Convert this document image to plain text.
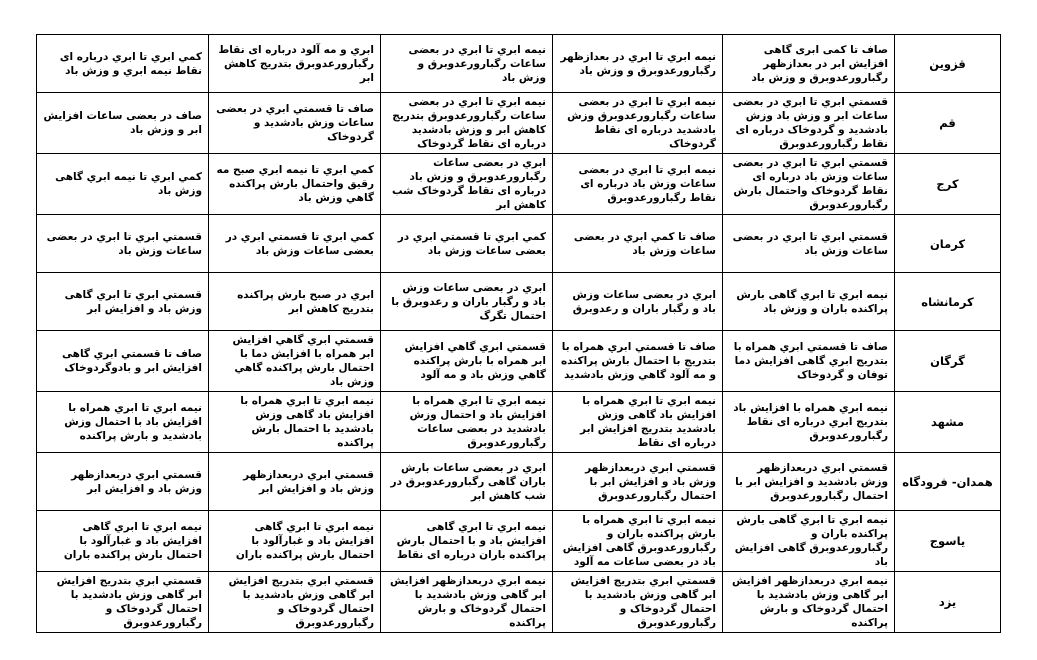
قزوین	صاف تا کمی ابری گاهی افزایش ابر در بعدازظهر رگبارورعدوبرق و وزش باد	نیمه ابري تا ابري در بعدازظهر رگبارورعدوبرق و وزش باد	نیمه ابري تا ابري در بعضی ساعات رگبارورعدوبرق و وزش باد	ابري و مه آلود درباره ای نقاط رگبارورعدوبرق بتدریج کاهش ابر	کمي ابري تا ابري درباره ای نقاط نیمه ابري و وزش باد

قم	قسمتي ابري تا ابري در بعضی ساعات ابر و وزش باد وزش بادشدید و گردوخاک درباره ای نقاط رگبارورعدوبرق	نیمه ابري تا ابري در بعضی ساعات رگبارورعدوبرق وزش بادشدید درباره ای نقاط گردوخاک	نیمه ابري تا ابري در بعضی ساعات رگبارورعدوبرق بتدریج کاهش ابر و وزش بادشدید درباره ای نقاط گردوخاک	صاف تا قسمتي ابري در بعضی ساعات وزش بادشدید و گردوخاک	صاف در بعضی ساعات افزایش ابر و وزش باد

کرج	قسمتي ابري تا ابري در بعضی ساعات وزش باد درباره ای نقاط گردوخاک واحتمال بارش رگبارورعدوبرق	نیمه ابري تا ابري در بعضی ساعات وزش باد درباره ای نقاط رگبارورعدوبرق	ابري در بعضی ساعات رگبارورعدوبرق و وزش باد درباره ای نقاط گردوخاک شب کاهش ابر	کمي ابري تا نیمه ابري صبح مه رقیق واحتمال بارش پراکنده گاهي وزش باد	کمي ابري تا نیمه ابري گاهی وزش باد

کرمان	قسمتي ابري تا ابري در بعضی ساعات وزش باد	صاف تا کمي ابري در بعضی ساعات وزش باد	کمي ابري تا قسمتي ابري در بعضی ساعات وزش باد	کمي ابري تا قسمتي ابري در بعضی ساعات وزش باد	قسمتي ابري تا ابري در بعضی ساعات وزش باد

کرمانشاه	نیمه ابري تا ابري گاهی بارش پراکنده باران و وزش باد	ابري در بعضی ساعات وزش باد و رگبار باران و رعدوبرق	ابري در بعضی ساعات وزش باد و رگبار باران و رعدوبرق با احتمال تگرگ	ابري در صبح بارش پراکنده بتدریج کاهش ابر	قسمتي ابري تا ابري گاهی وزش باد و افزایش ابر

گرگان	صاف تا قسمتي ابري همراه با بتدریج ابري گاهی افزایش دما توفان و گردوخاک	صاف تا قسمتي ابري همراه با بتدریج با احتمال بارش پراکنده و مه آلود گاهي وزش بادشدید	قسمتي ابري گاهي افزايش ابر همراه با بارش پراکنده گاهي وزش باد و مه آلود	قسمتي ابري گاهي افزايش ابر همراه با افزایش دما با احتمال بارش پراکنده گاهي وزش باد	صاف تا قسمتي ابري گاهی افزایش ابر و بادوگردوخاک

مشهد	نیمه ابري همراه با افزایش باد بتدریج ابري درباره ای نقاط رگبارورعدوبرق	نیمه ابري تا ابري همراه با افزایش باد گاهی وزش بادشدید بتدریج افزایش ابر درباره ای نقاط	نیمه ابري تا ابري همراه با افزایش باد و احتمال وزش بادشدید در بعضی ساعات رگبارورعدوبرق	نیمه ابري تا ابري همراه با افزایش باد گاهی وزش بادشدید با احتمال بارش پراکنده	نیمه ابري تا ابري همراه با افزایش باد با احتمال وزش بادشدید و بارش پراکنده

همدان- فرودگاه	قسمتي ابري دربعدازظهر وزش بادشدید و افزایش ابر با احتمال رگبارورعدوبرق	قسمتي ابري دربعدازظهر وزش باد و افزایش ابر با احتمال رگبارورعدوبرق	ابري در بعضی ساعات بارش باران گاهی رگبارورعدوبرق در شب کاهش ابر	قسمتي ابري دربعدازظهر وزش باد و افزایش ابر	قسمتي ابري دربعدازظهر وزش باد و افزایش ابر

یاسوج	نیمه ابري تا ابري گاهی بارش پراکنده باران و رگبارورعدوبرق گاهی افزایش باد	نیمه ابري تا ابري همراه با بارش پراکنده باران و رگبارورعدوبرق گاهی افزایش باد در بعضی ساعات مه آلود	نیمه ابري تا ابري گاهی افزایش باد و با احتمال بارش پراکنده باران درباره ای نقاط	نیمه ابري تا ابري گاهی افزایش باد و غبارآلود با احتمال بارش پراکنده باران	نیمه ابري تا ابري گاهی افزایش باد و غبارآلود با احتمال بارش پراکنده باران

یزد	نیمه ابري دربعدازظهر افزایش ابر گاهی وزش بادشدید با احتمال گردوخاک و بارش پراکنده	قسمتي ابري بتدریج افزایش ابر گاهی وزش بادشدید با احتمال گردوخاک و رگبارورعدوبرق	نیمه ابري دربعدازظهر افزایش ابر گاهی وزش بادشدید با احتمال گردوخاک و بارش پراکنده	قسمتي ابري بتدریج افزایش ابر گاهی وزش بادشدید با احتمال گردوخاک و رگبارورعدوبرق	قسمتي ابري بتدریج افزایش ابر گاهی وزش بادشدید با احتمال گردوخاک و رگبارورعدوبرق
